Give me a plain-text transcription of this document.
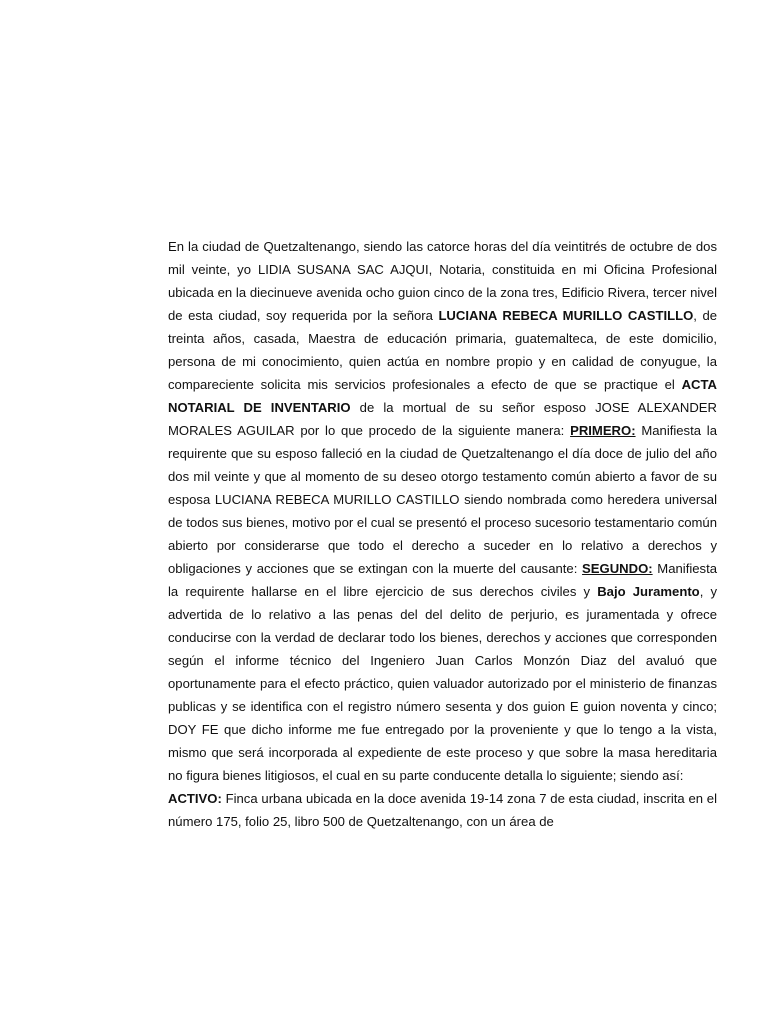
En la ciudad de Quetzaltenango, siendo las catorce horas del día veintitrés de octubre de dos mil veinte, yo LIDIA SUSANA SAC AJQUI, Notaria, constituida en mi Oficina Profesional ubicada en la diecinueve avenida ocho guion cinco de la zona tres, Edificio Rivera, tercer nivel de esta ciudad, soy requerida por la señora LUCIANA REBECA MURILLO CASTILLO, de treinta años, casada, Maestra de educación primaria, guatemalteca, de este domicilio, persona de mi conocimiento, quien actúa en nombre propio y en calidad de conyugue, la compareciente solicita mis servicios profesionales a efecto de que se practique el ACTA NOTARIAL DE INVENTARIO de la mortual de su señor esposo JOSE ALEXANDER MORALES AGUILAR por lo que procedo de la siguiente manera: PRIMERO: Manifiesta la requirente que su esposo falleció en la ciudad de Quetzaltenango el día doce de julio del año dos mil veinte y que al momento de su deseo otorgo testamento común abierto a favor de su esposa LUCIANA REBECA MURILLO CASTILLO siendo nombrada como heredera universal de todos sus bienes, motivo por el cual se presentó el proceso sucesorio testamentario común abierto por considerarse que todo el derecho a suceder en lo relativo a derechos y obligaciones y acciones que se extingan con la muerte del causante: SEGUNDO: Manifiesta la requirente hallarse en el libre ejercicio de sus derechos civiles y Bajo Juramento, y advertida de lo relativo a las penas del del delito de perjurio, es juramentada y ofrece conducirse con la verdad de declarar todo los bienes, derechos y acciones que corresponden según el informe técnico del Ingeniero Juan Carlos Monzón Diaz del avaluó que oportunamente para el efecto práctico, quien valuador autorizado por el ministerio de finanzas publicas y se identifica con el registro número sesenta y dos guion E guion noventa y cinco; DOY FE que dicho informe me fue entregado por la proveniente y que lo tengo a la vista, mismo que será incorporada al expediente de este proceso y que sobre la masa hereditaria no figura bienes litigiosos, el cual en su parte conducente detalla lo siguiente; siendo así:

ACTIVO: Finca urbana ubicada en la doce avenida 19-14 zona 7 de esta ciudad, inscrita en el número 175, folio 25, libro 500 de Quetzaltenango, con un área de
